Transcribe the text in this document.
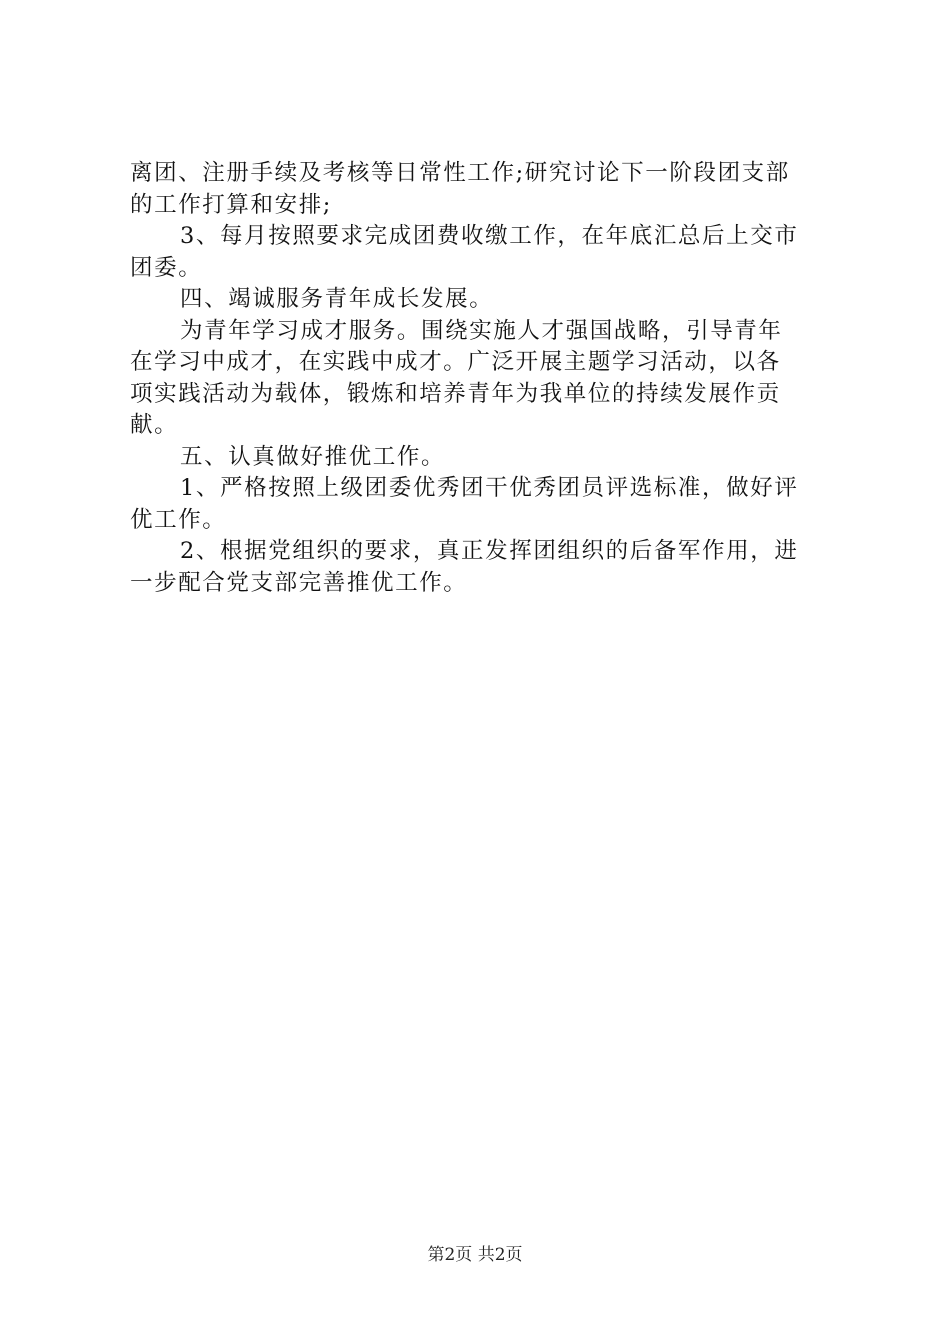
离团、注册手续及考核等日常性工作;研究讨论下一阶段团支部
的工作打算和安排;
3、每月按照要求完成团费收缴工作，在年底汇总后上交市
团委。
四、竭诚服务青年成长发展。
为青年学习成才服务。围绕实施人才强国战略，引导青年
在学习中成才，在实践中成才。广泛开展主题学习活动，以各
项实践活动为载体，锻炼和培养青年为我单位的持续发展作贡
献。
五、认真做好推优工作。
1、严格按照上级团委优秀团干优秀团员评选标准，做好评
优工作。
2、根据党组织的要求，真正发挥团组织的后备军作用，进
一步配合党支部完善推优工作。
第2页 共2页
